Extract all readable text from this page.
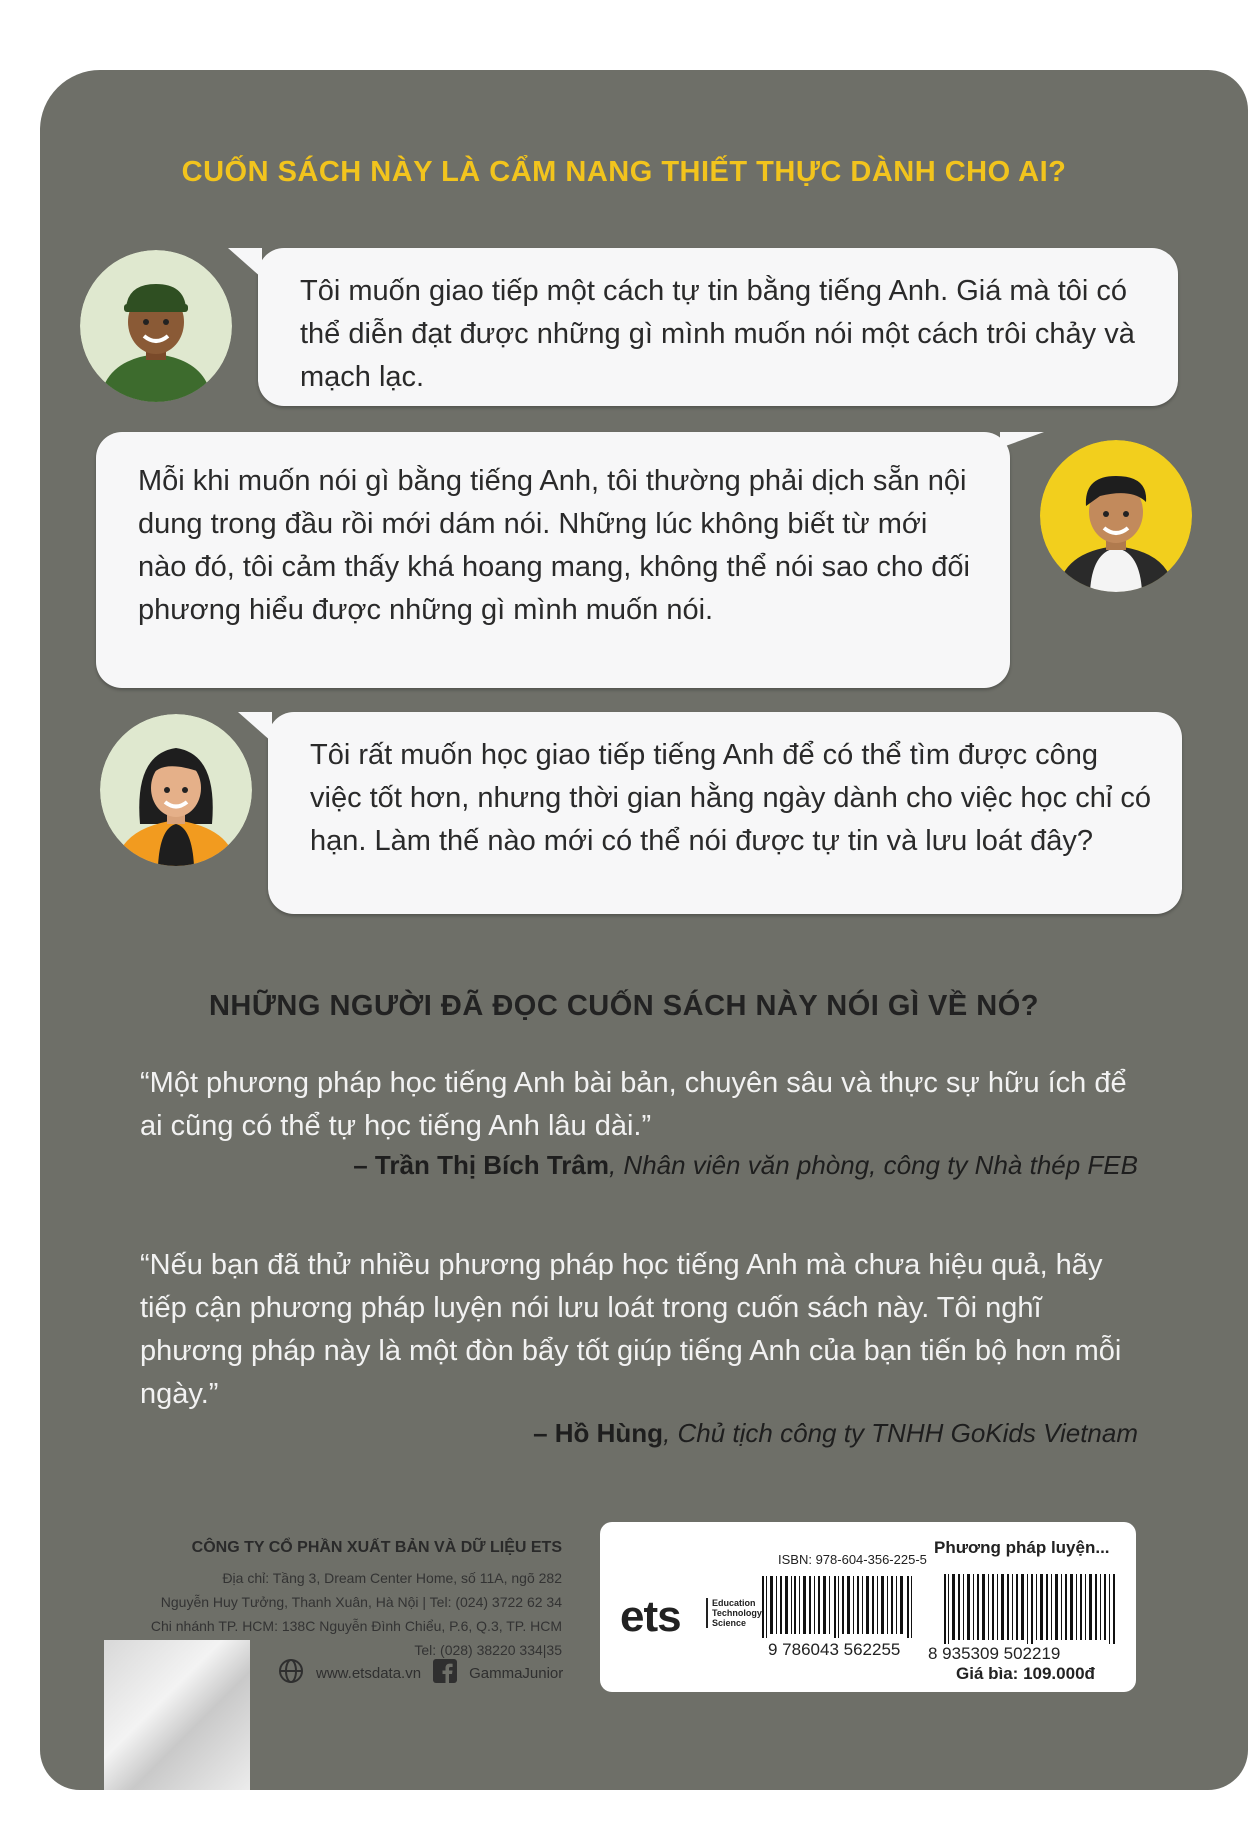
CUỐN SÁCH NÀY LÀ CẨM NANG THIẾT THỰC DÀNH CHO AI?
Tôi muốn giao tiếp một cách tự tin bằng tiếng Anh. Giá mà tôi có thể diễn đạt được những gì mình muốn nói một cách trôi chảy và mạch lạc.
Mỗi khi muốn nói gì bằng tiếng Anh, tôi thường phải dịch sẵn nội dung trong đầu rồi mới dám nói. Những lúc không biết từ mới nào đó, tôi cảm thấy khá hoang mang, không thể nói sao cho đối phương hiểu được những gì mình muốn nói.
Tôi rất muốn học giao tiếp tiếng Anh để có thể tìm được công việc tốt hơn, nhưng thời gian hằng ngày dành cho việc học chỉ có hạn. Làm thế nào mới có thể nói được tự tin và lưu loát đây?
NHỮNG NGƯỜI ĐÃ ĐỌC CUỐN SÁCH NÀY NÓI GÌ VỀ NÓ?
“Một phương pháp học tiếng Anh bài bản, chuyên sâu và thực sự hữu ích để ai cũng có thể tự học tiếng Anh lâu dài.”
– Trần Thị Bích Trâm, Nhân viên văn phòng, công ty Nhà thép FEB
“Nếu bạn đã thử nhiều phương pháp học tiếng Anh mà chưa hiệu quả, hãy tiếp cận phương pháp luyện nói lưu loát trong cuốn sách này. Tôi nghĩ phương pháp này là một đòn bẩy tốt giúp tiếng Anh của bạn tiến bộ hơn mỗi ngày.”
– Hồ Hùng, Chủ tịch công ty TNHH GoKids Vietnam
CÔNG TY CỔ PHẦN XUẤT BẢN VÀ DỮ LIỆU ETS
Địa chỉ: Tầng 3, Dream Center Home, số 11A, ngõ 282
Nguyễn Huy Tưởng, Thanh Xuân, Hà Nội | Tel: (024) 3722 62 34
Chi nhánh TP. HCM: 138C Nguyễn Đình Chiểu, P.6, Q.3, TP. HCM
Tel: (028) 38220 334|35
www.etsdata.vn	GammaJunior
ets	Education
Technology
Science
ISBN: 978-604-356-225-5
Phương pháp luyện...
9 786043 562255 8 935309 502219
Giá bìa: 109.000đ
